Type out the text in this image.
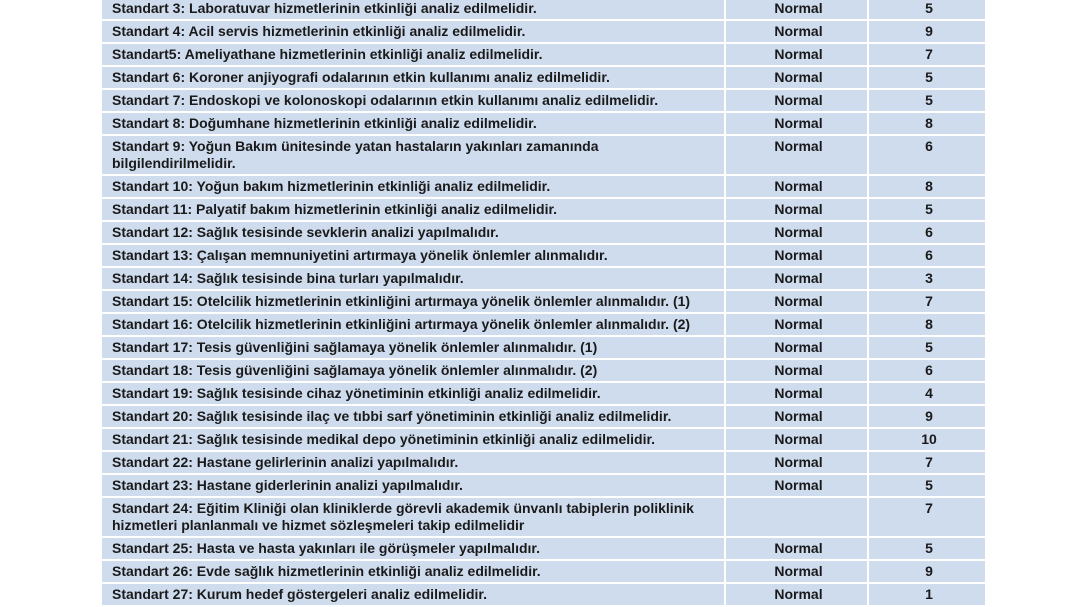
Standart 3: Laboratuvar hizmetlerinin etkinliği analiz edilmelidir.	Normal	5
Standart 4: Acil servis hizmetlerinin etkinliği analiz edilmelidir.	Normal	9
Standart5: Ameliyathane hizmetlerinin etkinliği analiz edilmelidir.	Normal	7
Standart 6: Koroner anjiyografi odalarının etkin kullanımı analiz edilmelidir.	Normal	5
Standart 7: Endoskopi ve kolonoskopi odalarının etkin kullanımı analiz edilmelidir.	Normal	5
Standart 8: Doğumhane hizmetlerinin etkinliği analiz edilmelidir.	Normal	8
Standart 9: Yoğun Bakım ünitesinde yatan hastaların yakınları zamanında bilgilendirilmelidir.	Normal	6
Standart 10: Yoğun bakım hizmetlerinin etkinliği analiz edilmelidir.	Normal	8
Standart 11: Palyatif bakım hizmetlerinin etkinliği analiz edilmelidir.	Normal	5
Standart 12: Sağlık tesisinde sevklerin analizi yapılmalıdır.	Normal	6
Standart 13: Çalışan memnuniyetini artırmaya yönelik önlemler alınmalıdır.	Normal	6
Standart 14: Sağlık tesisinde bina turları yapılmalıdır.	Normal	3
Standart 15: Otelcilik hizmetlerinin etkinliğini artırmaya yönelik önlemler alınmalıdır. (1)	Normal	7
Standart 16: Otelcilik hizmetlerinin etkinliğini artırmaya yönelik önlemler alınmalıdır. (2)	Normal	8
Standart 17: Tesis güvenliğini sağlamaya yönelik önlemler alınmalıdır. (1)	Normal	5
Standart 18: Tesis güvenliğini sağlamaya yönelik önlemler alınmalıdır. (2)	Normal	6
Standart 19: Sağlık tesisinde cihaz yönetiminin etkinliği analiz edilmelidir.	Normal	4
Standart 20: Sağlık tesisinde ilaç ve tıbbi sarf yönetiminin etkinliği analiz edilmelidir.	Normal	9
Standart 21: Sağlık tesisinde medikal depo yönetiminin etkinliği analiz edilmelidir.	Normal	10
Standart 22: Hastane gelirlerinin analizi yapılmalıdır.	Normal	7
Standart 23: Hastane giderlerinin analizi yapılmalıdır.	Normal	5
Standart 24: Eğitim Kliniği olan kliniklerde görevli akademik ünvanlı tabiplerin poliklinik hizmetleri planlanmalı ve hizmet sözleşmeleri takip edilmelidir		7
Standart 25: Hasta ve hasta yakınları ile görüşmeler yapılmalıdır.	Normal	5
Standart 26: Evde sağlık hizmetlerinin etkinliği analiz edilmelidir.	Normal	9
Standart 27: Kurum hedef göstergeleri analiz edilmelidir.	Normal	1
